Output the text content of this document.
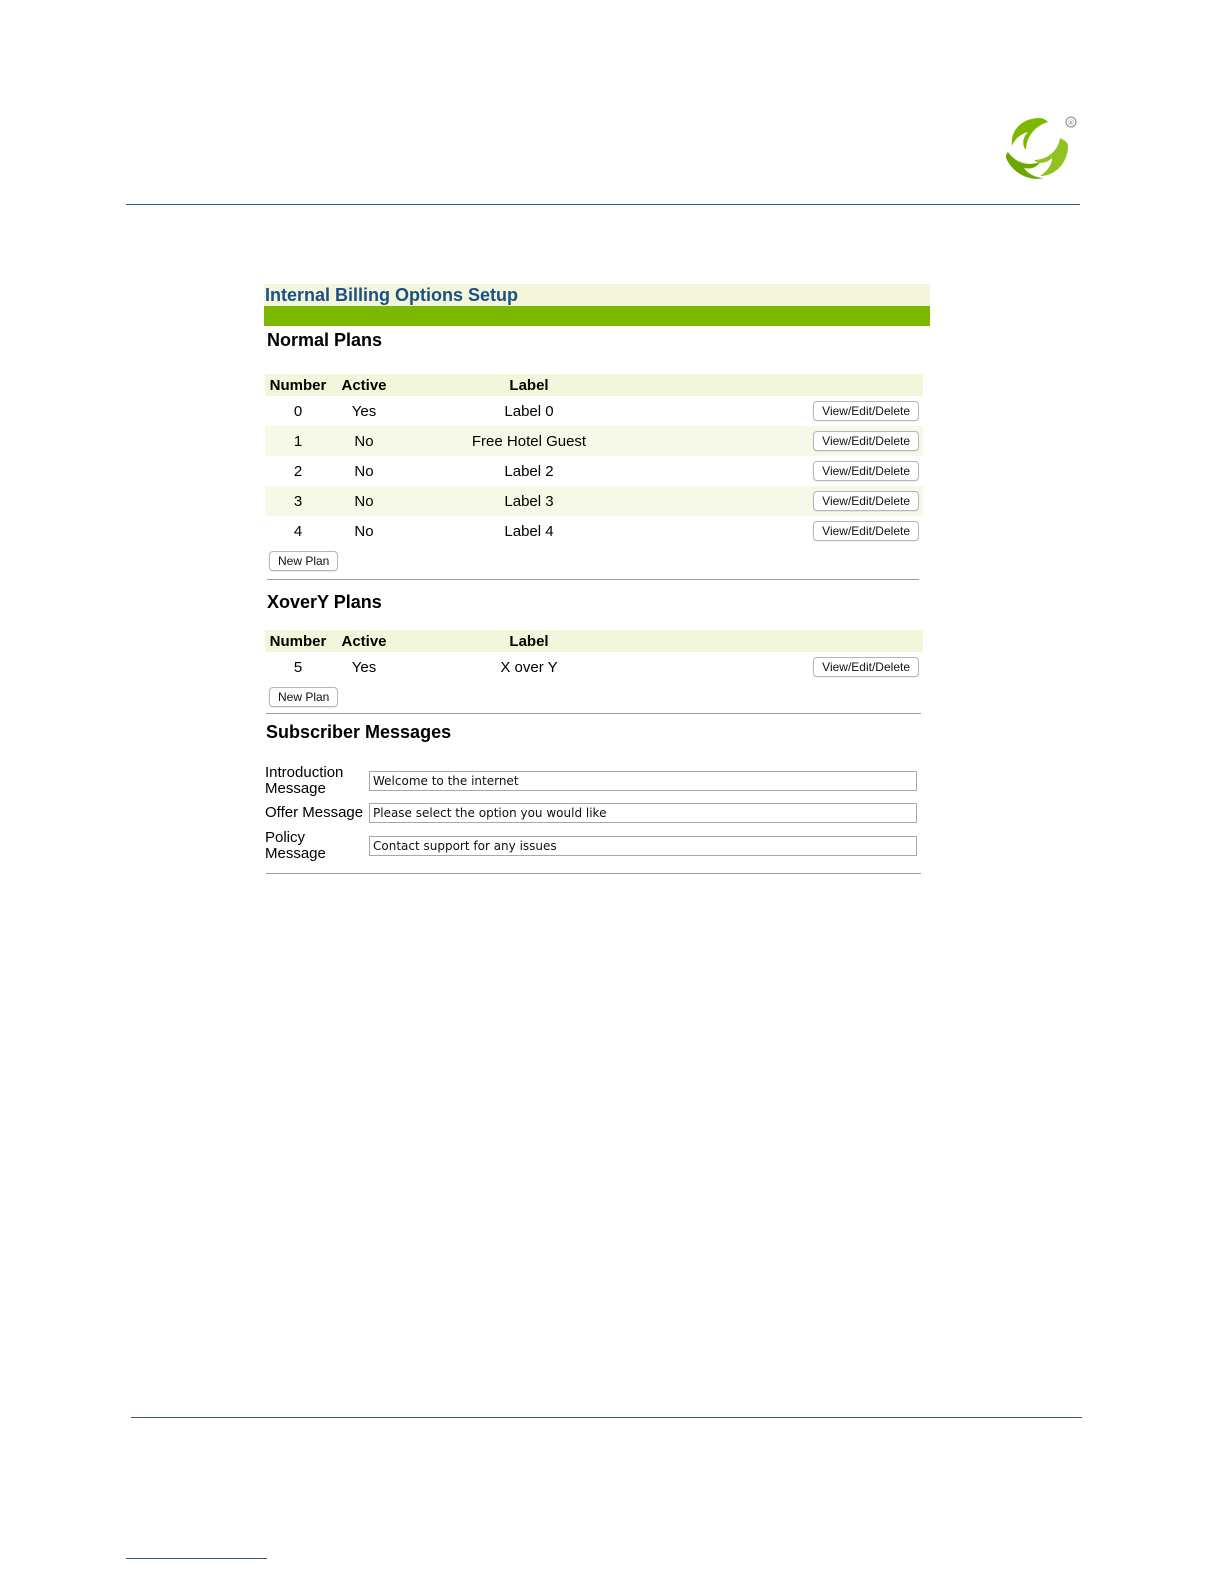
®
Internal Billing Options Setup
Normal Plans
Number	Active	Label	
0	Yes	Label 0	View/Edit/Delete
1	No	Free Hotel Guest	View/Edit/Delete
2	No	Label 2	View/Edit/Delete
3	No	Label 3	View/Edit/Delete
4	No	Label 4	View/Edit/Delete
New Plan
XoverY Plans
Number	Active	Label	
5	Yes	X over Y	View/Edit/Delete
New Plan
Subscriber Messages
Introduction
Message	Welcome to the internet
Offer Message	Please select the option you would like
Policy
Message	Contact support for any issues
